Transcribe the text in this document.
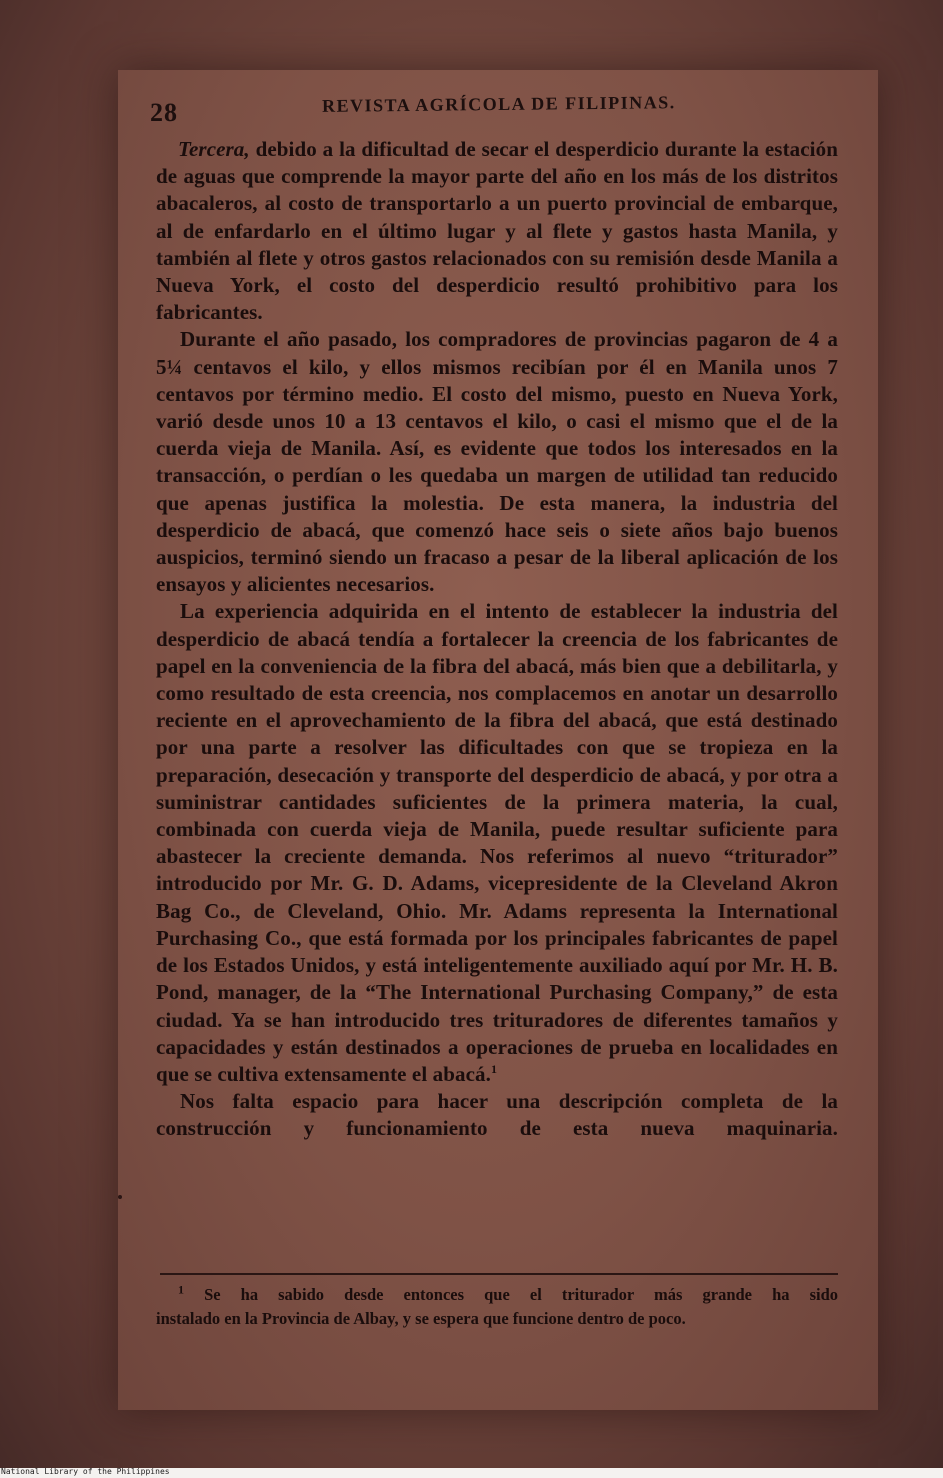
28	REVISTA AGRÍCOLA DE FILIPINAS.

Tercera, debido a la dificultad de secar el desperdicio durante la estación de aguas que comprende la mayor parte del año en los más de los distritos abacaleros, al costo de transportarlo a un puerto provincial de embarque, al de enfardarlo en el último lugar y al flete y gastos hasta Manila, y también al flete y otros gastos relacionados con su remisión desde Manila a Nueva York, el costo del desperdicio resultó prohibitivo para los fabricantes.

Durante el año pasado, los compradores de provincias pagaron de 4 a 5¼ centavos el kilo, y ellos mismos recibían por él en Manila unos 7 centavos por término medio. El costo del mismo, puesto en Nueva York, varió desde unos 10 a 13 centavos el kilo, o casi el mismo que el de la cuerda vieja de Manila. Así, es evidente que todos los interesados en la transacción, o perdían o les quedaba un margen de utilidad tan reducido que apenas justifica la molestia. De esta manera, la industria del desperdicio de abacá, que comenzó hace seis o siete años bajo buenos auspicios, terminó siendo un fracaso a pesar de la liberal aplicación de los ensayos y alicientes necesarios.

La experiencia adquirida en el intento de establecer la industria del desperdicio de abacá tendía a fortalecer la creencia de los fabricantes de papel en la conveniencia de la fibra del abacá, más bien que a debilitarla, y como resultado de esta creencia, nos complacemos en anotar un desarrollo reciente en el aprovechamiento de la fibra del abacá, que está destinado por una parte a resolver las dificultades con que se tropieza en la preparación, desecación y transporte del desperdicio de abacá, y por otra a suministrar cantidades suficientes de la primera materia, la cual, combinada con cuerda vieja de Manila, puede resultar suficiente para abastecer la creciente demanda. Nos referimos al nuevo “triturador” introducido por Mr. G. D. Adams, vicepresidente de la Cleveland Akron Bag Co., de Cleveland, Ohio. Mr. Adams representa la International Purchasing Co., que está formada por los principales fabricantes de papel de los Estados Unidos, y está inteligentemente auxiliado aquí por Mr. H. B. Pond, manager, de la “The International Purchasing Company,” de esta ciudad. Ya se han introducido tres trituradores de diferentes tamaños y capacidades y están destinados a operaciones de prueba en localidades en que se cultiva extensamente el abacá.$^1$

Nos falta espacio para hacer una descripción completa de la construcción y funcionamiento de esta nueva maquinaria.

$^1$ Se ha sabido desde entonces que el triturador más grande ha sido

instalado en la Provincia de Albay, y se espera que funcione dentro de poco.

National Library of the Philippines
